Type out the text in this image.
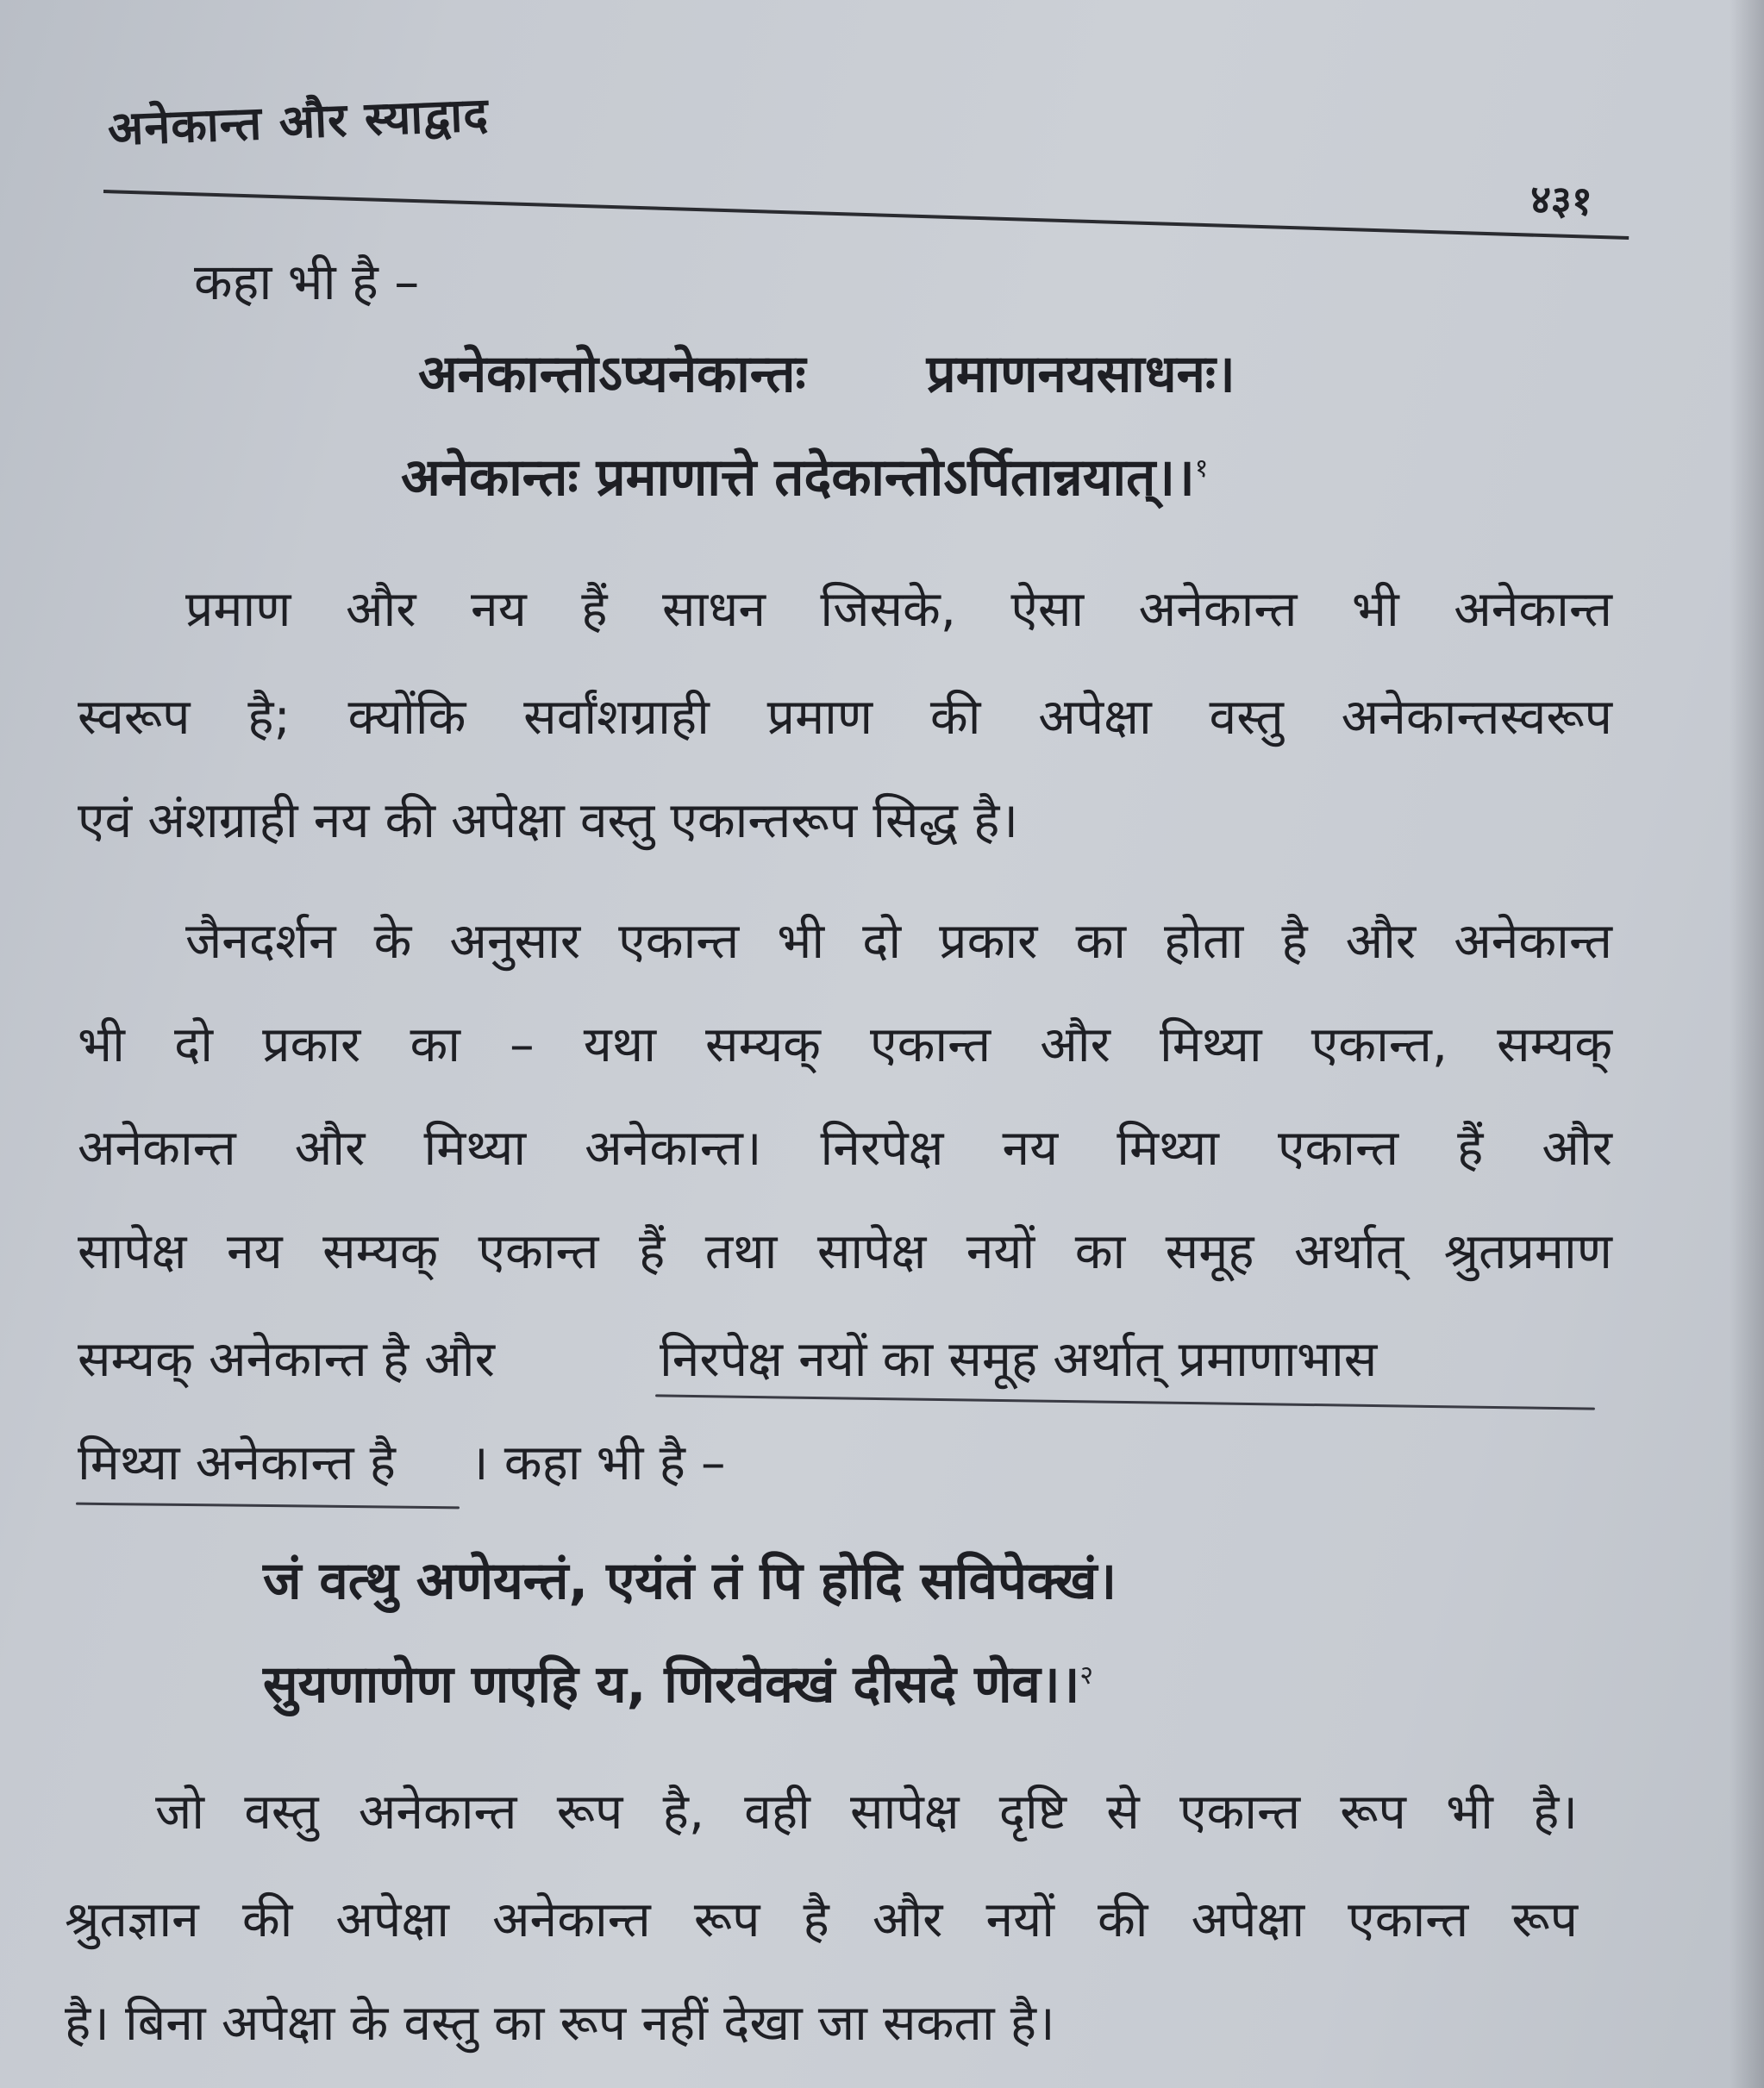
अनेकान्त और स्याद्वाद
४३१
कहा भी है –
अनेकान्तोऽप्यनेकान्तः प्रमाणनयसाधनः।
अनेकान्तः प्रमाणात्ते तदेकान्तोऽर्पितान्नयात्।।$^१$
प्रमाण और नय हैं साधन जिसके, ऐसा अनेकान्त भी अनेकान्त
स्वरूप है; क्योंकि सर्वांशग्राही प्रमाण की अपेक्षा वस्तु अनेकान्तस्वरूप
एवं अंशग्राही नय की अपेक्षा वस्तु एकान्तरूप सिद्ध है।
जैनदर्शन के अनुसार एकान्त भी दो प्रकार का होता है और अनेकान्त
भी दो प्रकार का – यथा सम्यक् एकान्त और मिथ्या एकान्त, सम्यक्
अनेकान्त और मिथ्या अनेकान्त। निरपेक्ष नय मिथ्या एकान्त हैं और
सापेक्ष नय सम्यक् एकान्त हैं तथा सापेक्ष नयों का समूह अर्थात् श्रुतप्रमाण
सम्यक् अनेकान्त है और	निरपेक्ष नयों का समूह अर्थात् प्रमाणाभास
मिथ्या अनेकान्त है । कहा भी है –
जं वत्थु अणेयन्तं, एयंतं तं पि होदि सविपेक्खं।
सुयणाणेण णएहि य, णिरवेक्खं दीसदे णेव।।$^२$
जो वस्तु अनेकान्त रूप है, वही सापेक्ष दृष्टि से एकान्त रूप भी है।
श्रुतज्ञान की अपेक्षा अनेकान्त रूप है और नयों की अपेक्षा एकान्त रूप
है। बिना अपेक्षा के वस्तु का रूप नहीं देखा जा सकता है।
